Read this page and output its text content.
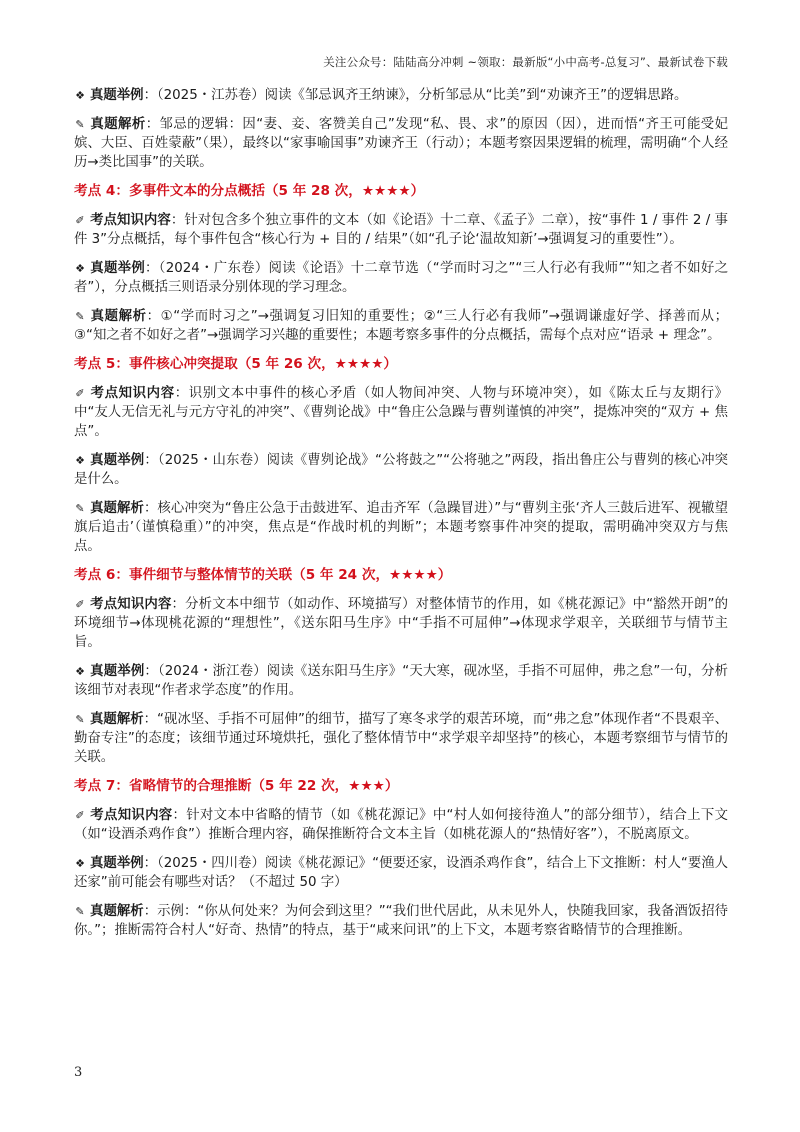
关注公众号：陆陆高分冲刺 ~领取：最新版“小中高考-总复习”、最新试卷下载

❖ 真题举例：（2025・江苏卷）阅读《邹忌讽齐王纳谏》，分析邹忌从“比美”到“劝谏齐王”的逻辑思路。

✎ 真题解析：邹忌的逻辑：因“妻、妾、客赞美自己”发现“私、畏、求”的原因（因），进而悟“齐王可能受妃嫔、大臣、百姓蒙蔽”（果），最终以“家事喻国事”劝谏齐王（行动）；本题考察因果逻辑的梳理，需明确“个人经历→类比国事”的关联。

考点 4：多事件文本的分点概括（5 年 28 次，★★★★）

✐ 考点知识内容：针对包含多个独立事件的文本（如《论语》十二章、《孟子》二章），按“事件 1 / 事件 2 / 事件 3”分点概括，每个事件包含“核心行为 + 目的 / 结果”（如“孔子论‘温故知新’→强调复习的重要性”）。

❖ 真题举例：（2024・广东卷）阅读《论语》十二章节选（“学而时习之”“三人行必有我师”“知之者不如好之者”），分点概括三则语录分别体现的学习理念。

✎ 真题解析：①“学而时习之”→强调复习旧知的重要性；②“三人行必有我师”→强调谦虚好学、择善而从；③“知之者不如好之者”→强调学习兴趣的重要性；本题考察多事件的分点概括，需每个点对应“语录 + 理念”。

考点 5：事件核心冲突提取（5 年 26 次，★★★★）

✐ 考点知识内容：识别文本中事件的核心矛盾（如人物间冲突、人物与环境冲突），如《陈太丘与友期行》中“友人无信无礼与元方守礼的冲突”、《曹刿论战》中“鲁庄公急躁与曹刿谨慎的冲突”，提炼冲突的“双方 + 焦点”。

❖ 真题举例：（2025・山东卷）阅读《曹刿论战》“公将鼓之”“公将驰之”两段，指出鲁庄公与曹刿的核心冲突是什么。

✎ 真题解析：核心冲突为“鲁庄公急于击鼓进军、追击齐军（急躁冒进）”与“曹刿主张‘齐人三鼓后进军、视辙望旗后追击’（谨慎稳重）”的冲突，焦点是“作战时机的判断”；本题考察事件冲突的提取，需明确冲突双方与焦点。

考点 6：事件细节与整体情节的关联（5 年 24 次，★★★★）

✐ 考点知识内容：分析文本中细节（如动作、环境描写）对整体情节的作用，如《桃花源记》中“豁然开朗”的环境细节→体现桃花源的“理想性”，《送东阳马生序》中“手指不可屈伸”→体现求学艰辛，关联细节与情节主旨。

❖ 真题举例：（2024・浙江卷）阅读《送东阳马生序》“天大寒，砚冰坚，手指不可屈伸，弗之怠”一句，分析该细节对表现“作者求学态度”的作用。

✎ 真题解析：“砚冰坚、手指不可屈伸”的细节，描写了寒冬求学的艰苦环境，而“弗之怠”体现作者“不畏艰辛、勤奋专注”的态度；该细节通过环境烘托，强化了整体情节中“求学艰辛却坚持”的核心，本题考察细节与情节的关联。

考点 7：省略情节的合理推断（5 年 22 次，★★★）

✐ 考点知识内容：针对文本中省略的情节（如《桃花源记》中“村人如何接待渔人”的部分细节），结合上下文（如“设酒杀鸡作食”）推断合理内容，确保推断符合文本主旨（如桃花源人的“热情好客”），不脱离原文。

❖ 真题举例：（2025・四川卷）阅读《桃花源记》“便要还家，设酒杀鸡作食”，结合上下文推断：村人“要渔人还家”前可能会有哪些对话？（不超过 50 字）

✎ 真题解析：示例：“你从何处来？为何会到这里？”“我们世代居此，从未见外人，快随我回家，我备酒饭招待你。”；推断需符合村人“好奇、热情”的特点，基于“咸来问讯”的上下文，本题考察省略情节的合理推断。

3
